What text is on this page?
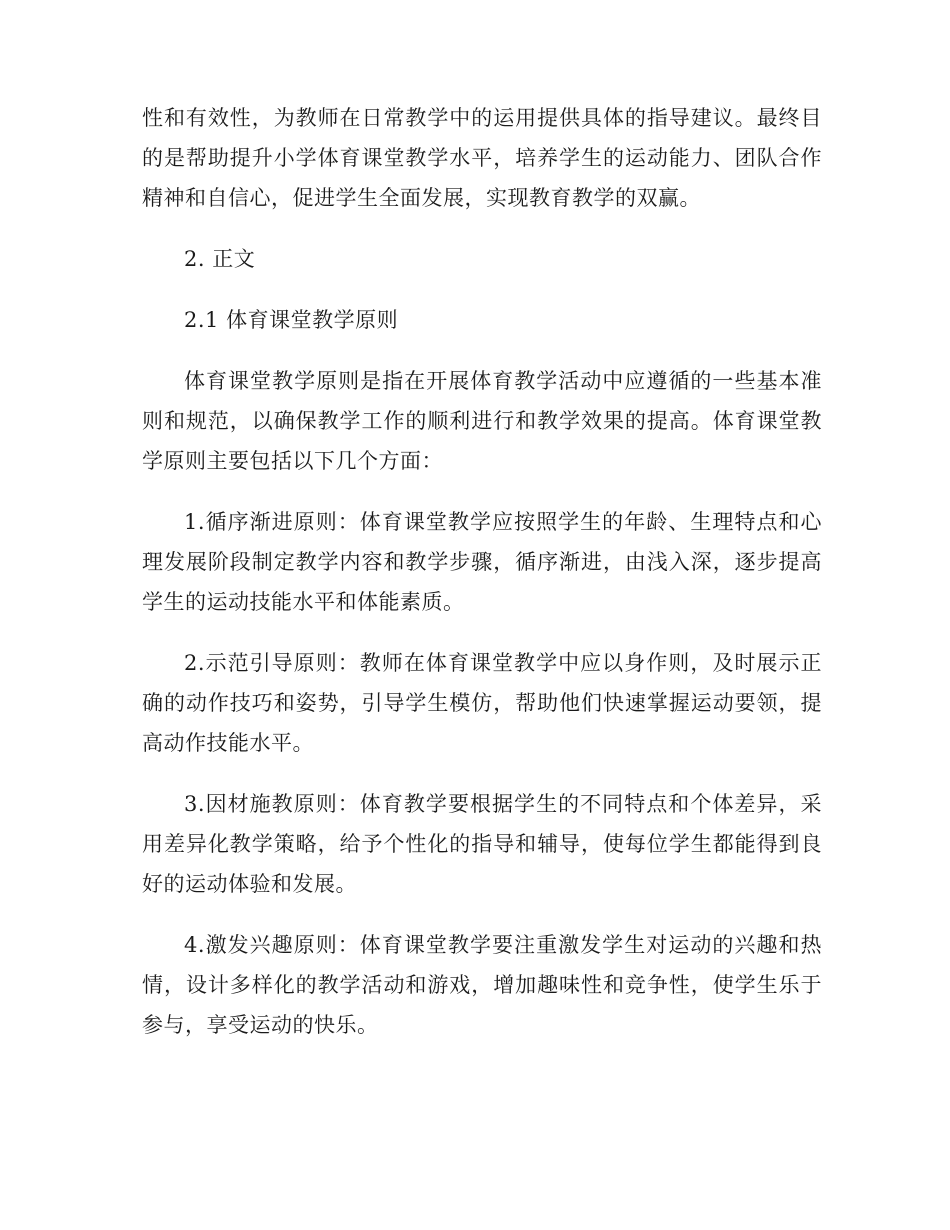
性和有效性，为教师在日常教学中的运用提供具体的指导建议。最终目的是帮助提升小学体育课堂教学水平，培养学生的运动能力、团队合作精神和自信心，促进学生全面发展，实现教育教学的双赢。

2. 正文

2.1 体育课堂教学原则

体育课堂教学原则是指在开展体育教学活动中应遵循的一些基本准则和规范，以确保教学工作的顺利进行和教学效果的提高。体育课堂教学原则主要包括以下几个方面：

1.循序渐进原则：体育课堂教学应按照学生的年龄、生理特点和心理发展阶段制定教学内容和教学步骤，循序渐进，由浅入深，逐步提高学生的运动技能水平和体能素质。

2.示范引导原则：教师在体育课堂教学中应以身作则，及时展示正确的动作技巧和姿势，引导学生模仿，帮助他们快速掌握运动要领，提高动作技能水平。

3.因材施教原则：体育教学要根据学生的不同特点和个体差异，采用差异化教学策略，给予个性化的指导和辅导，使每位学生都能得到良好的运动体验和发展。

4.激发兴趣原则：体育课堂教学要注重激发学生对运动的兴趣和热情，设计多样化的教学活动和游戏，增加趣味性和竞争性，使学生乐于参与，享受运动的快乐。
